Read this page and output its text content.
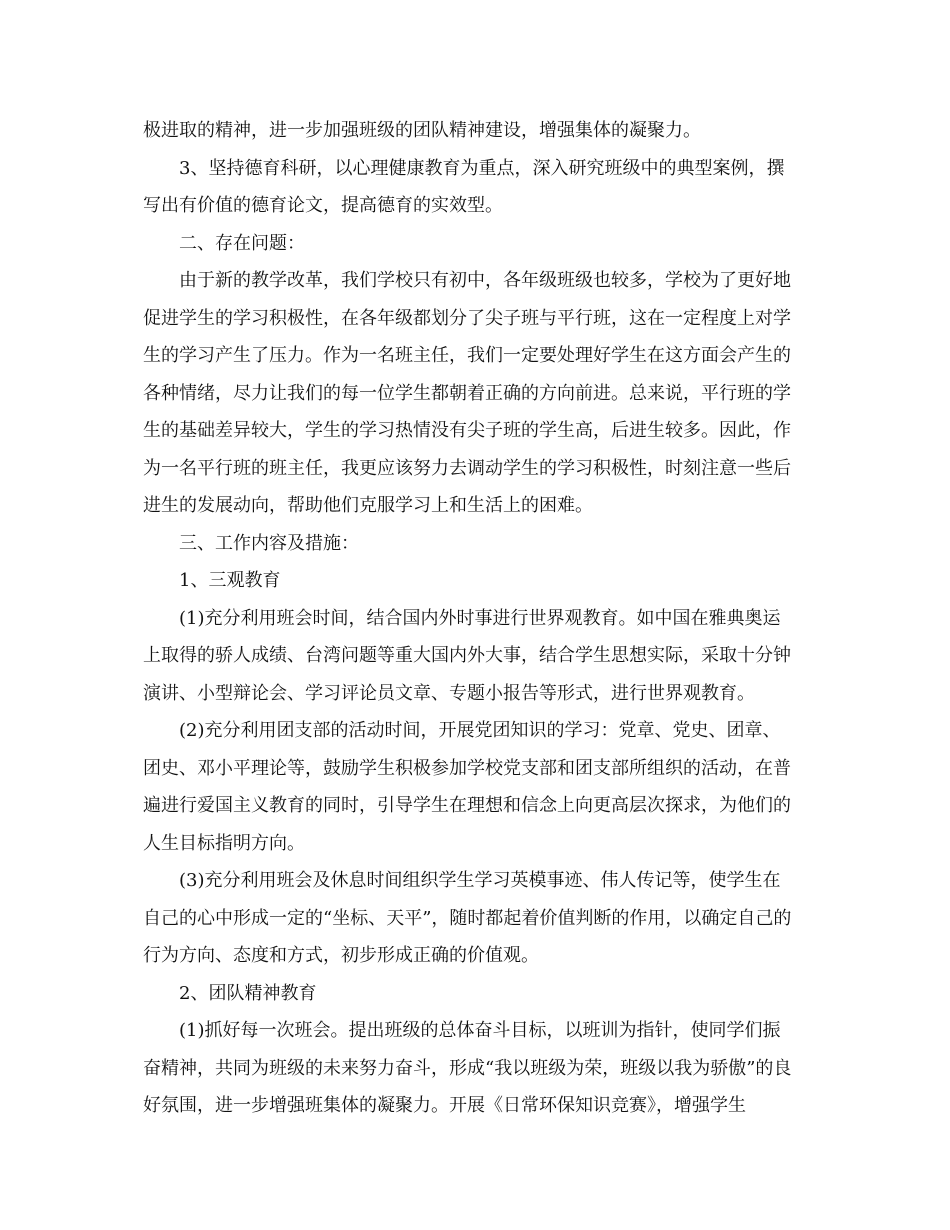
极进取的精神，进一步加强班级的团队精神建设，增强集体的凝聚力。

3、坚持德育科研，以心理健康教育为重点，深入研究班级中的典型案例，撰写出有价值的德育论文，提高德育的实效型。

二、存在问题：

由于新的教学改革，我们学校只有初中，各年级班级也较多，学校为了更好地促进学生的学习积极性，在各年级都划分了尖子班与平行班，这在一定程度上对学生的学习产生了压力。作为一名班主任，我们一定要处理好学生在这方面会产生的各种情绪，尽力让我们的每一位学生都朝着正确的方向前进。总来说，平行班的学生的基础差异较大，学生的学习热情没有尖子班的学生高，后进生较多。因此，作为一名平行班的班主任，我更应该努力去调动学生的学习积极性，时刻注意一些后进生的发展动向，帮助他们克服学习上和生活上的困难。

三、工作内容及措施：

1、三观教育

(1)充分利用班会时间，结合国内外时事进行世界观教育。如中国在雅典奥运上取得的骄人成绩、台湾问题等重大国内外大事，结合学生思想实际，采取十分钟演讲、小型辩论会、学习评论员文章、专题小报告等形式，进行世界观教育。

(2)充分利用团支部的活动时间，开展党团知识的学习：党章、党史、团章、团史、邓小平理论等，鼓励学生积极参加学校党支部和团支部所组织的活动，在普遍进行爱国主义教育的同时，引导学生在理想和信念上向更高层次探求，为他们的人生目标指明方向。

(3)充分利用班会及休息时间组织学生学习英模事迹、伟人传记等，使学生在自己的心中形成一定的“坐标、天平”，随时都起着价值判断的作用，以确定自己的行为方向、态度和方式，初步形成正确的价值观。

2、团队精神教育

(1)抓好每一次班会。提出班级的总体奋斗目标，以班训为指针，使同学们振奋精神，共同为班级的未来努力奋斗，形成“我以班级为荣，班级以我为骄傲”的良好氛围，进一步增强班集体的凝聚力。开展《日常环保知识竞赛》，增强学生
